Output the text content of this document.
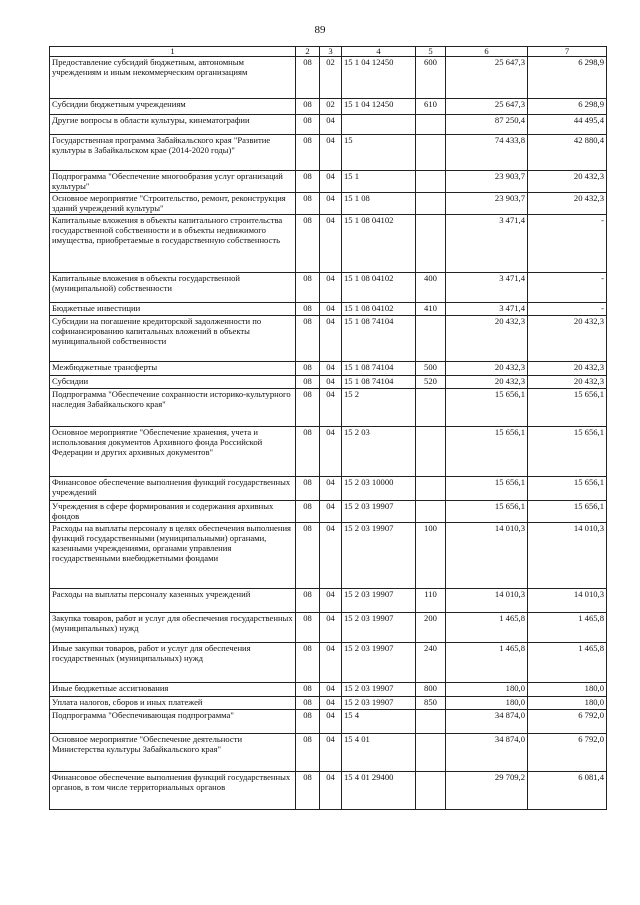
89
1	2	3	4	5	6	7
Предоставление субсидий бюджетным, автономным учреждениям и иным некоммерческим организациям	08	02	15 1 04 12450	600	25 647,3	6 298,9
Субсидии бюджетным учреждениям	08	02	15 1 04 12450	610	25 647,3	6 298,9
Другие вопросы в области культуры, кинематографии	08	04			87 250,4	44 495,4
Государственная программа Забайкальского края "Развитие культуры в Забайкальском крае (2014-2020 годы)"	08	04	15		74 433,8	42 880,4
Подпрограмма "Обеспечение многообразия услуг организаций культуры"	08	04	15 1		23 903,7	20 432,3
Основное мероприятие "Строительство, ремонт, реконструкция зданий учреждений культуры"	08	04	15 1 08		23 903,7	20 432,3
Капитальные вложения в объекты капитального строительства государственной собственности и в объекты недвижимого имущества, приобретаемые в государственную собственность	08	04	15 1 08 04102		3 471,4	-
Капитальные вложения в объекты государственной (муниципальной) собственности	08	04	15 1 08 04102	400	3 471,4	-
Бюджетные инвестиции	08	04	15 1 08 04102	410	3 471,4	-
Субсидии на погашение кредиторской задолженности по софинансированию капитальных вложений в объекты муниципальной собственности	08	04	15 1 08 74104		20 432,3	20 432,3
Межбюджетные трансферты	08	04	15 1 08 74104	500	20 432,3	20 432,3
Субсидии	08	04	15 1 08 74104	520	20 432,3	20 432,3
Подпрограмма "Обеспечение сохранности историко-культурного наследия Забайкальского края"	08	04	15 2		15 656,1	15 656,1
Основное мероприятие "Обеспечение хранения, учета и использования документов Архивного фонда Российской Федерации и других архивных документов"	08	04	15 2 03		15 656,1	15 656,1
Финансовое обеспечение выполнения функций государственных учреждений	08	04	15 2 03 10000		15 656,1	15 656,1
Учреждения в сфере формирования и содержания архивных фондов	08	04	15 2 03 19907		15 656,1	15 656,1
Расходы на выплаты персоналу в целях обеспечения выполнения функций государственными (муниципальными) органами, казенными учреждениями, органами управления государственными внебюджетными фондами	08	04	15 2 03 19907	100	14 010,3	14 010,3
Расходы на выплаты персоналу казенных учреждений	08	04	15 2 03 19907	110	14 010,3	14 010,3
Закупка товаров, работ и услуг для обеспечения государственных (муниципальных) нужд	08	04	15 2 03 19907	200	1 465,8	1 465,8
Иные закупки товаров, работ и услуг для обеспечения государственных (муниципальных) нужд	08	04	15 2 03 19907	240	1 465,8	1 465,8
Иные бюджетные ассигнования	08	04	15 2 03 19907	800	180,0	180,0
Уплата налогов, сборов и иных платежей	08	04	15 2 03 19907	850	180,0	180,0
Подпрограмма "Обеспечивающая подпрограмма"	08	04	15 4		34 874,0	6 792,0
Основное мероприятие "Обеспечение деятельности Министерства культуры Забайкальского края"	08	04	15 4 01		34 874,0	6 792,0
Финансовое обеспечение выполнения функций государственных органов, в том числе территориальных органов	08	04	15 4 01 29400		29 709,2	6 081,4
